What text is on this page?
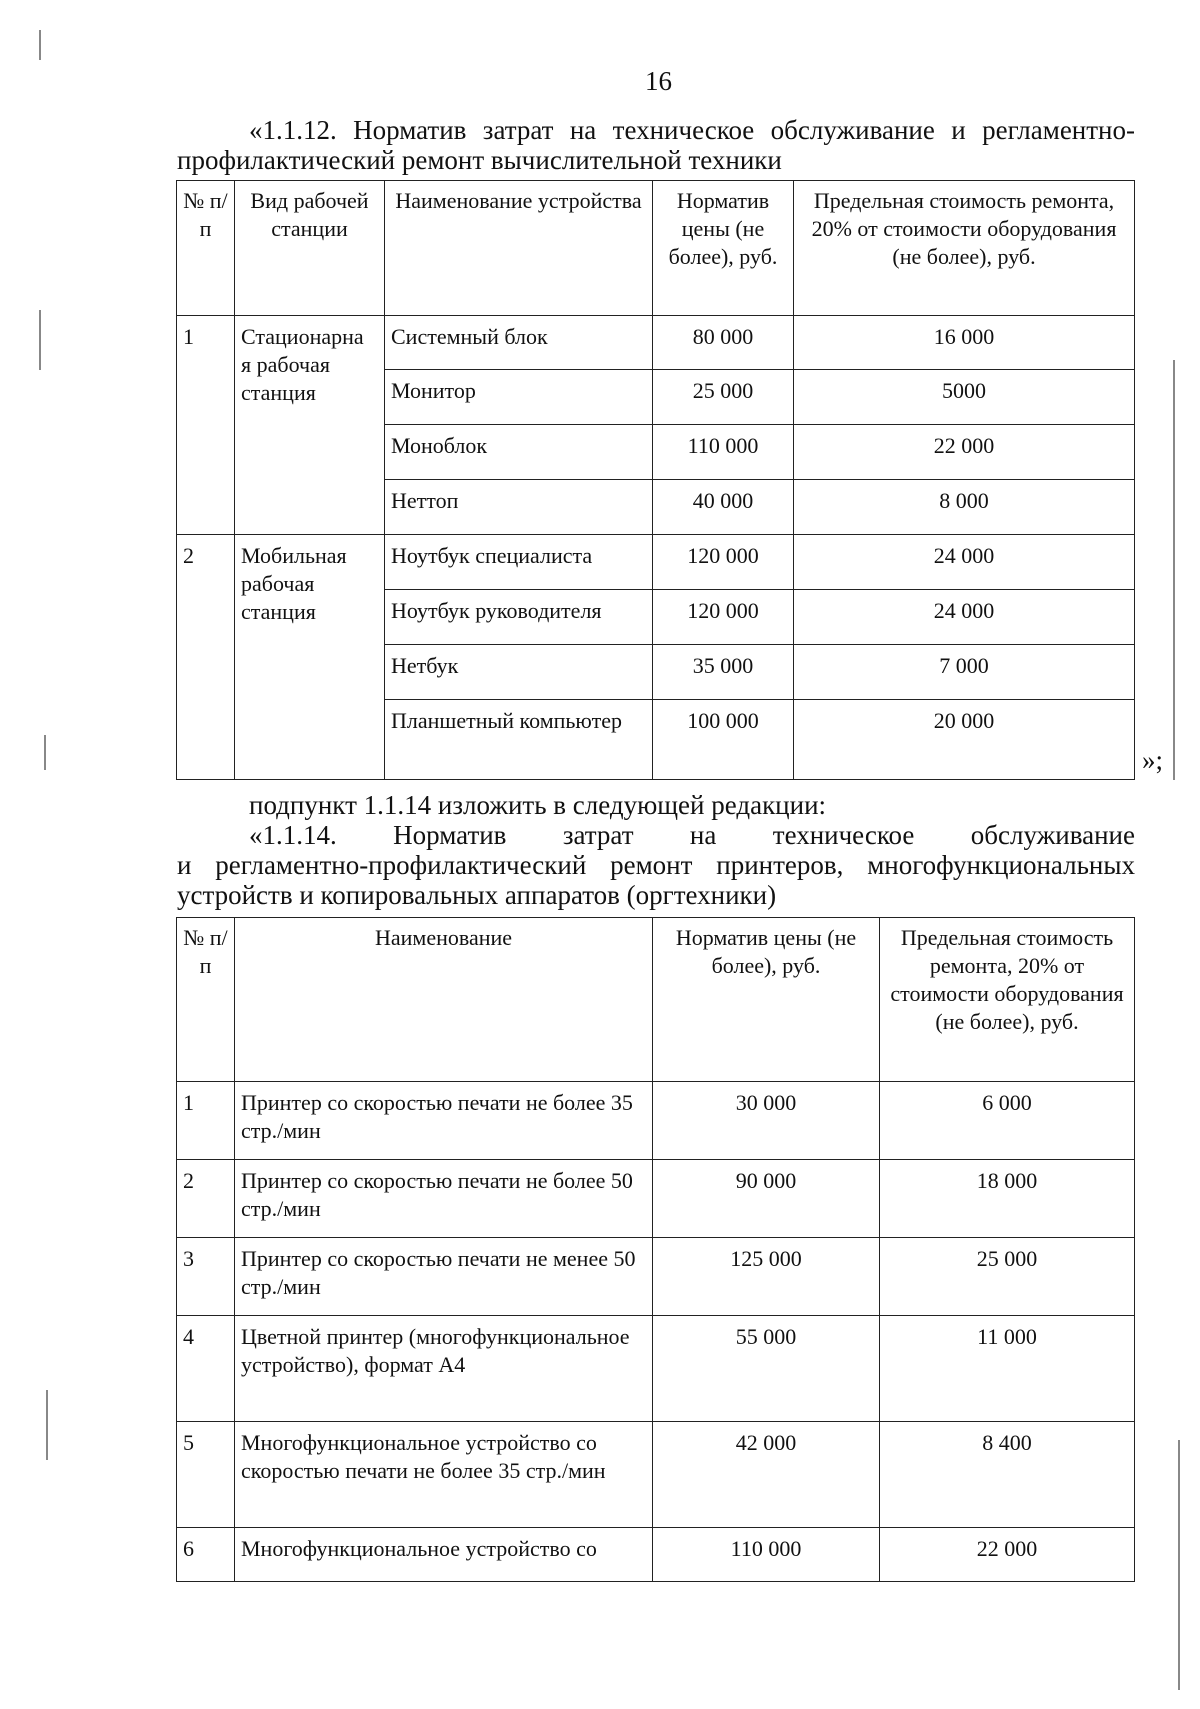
16
«1.1.12. Норматив затрат на техническое обслуживание и регламентно-
профилактический ремонт вычислительной техники
№ п/п	Вид рабочей станции	Наименование устройства	Норматив цены (не более), руб.	Предельная стоимость ремонта, 20% от стоимости оборудования (не более), руб.
1	Стационарна я рабочая станция	Системный блок	80 000	16 000
		Монитор	25 000	5000
		Моноблок	110 000	22 000
		Неттоп	40 000	8 000
2	Мобильная рабочая станция	Ноутбук специалиста	120 000	24 000
		Ноутбук руководителя	120 000	24 000
		Нетбук	35 000	7 000
		Планшетный компьютер	100 000	20 000
»;
подпункт 1.1.14 изложить в следующей редакции:
«1.1.14. Норматив затрат на техническое обслуживание
и регламентно-профилактический ремонт принтеров, многофункциональных
устройств и копировальных аппаратов (оргтехники)
№ п/п	Наименование	Норматив цены (не более), руб.	Предельная стоимость ремонта, 20% от стоимости оборудования (не более), руб.
1	Принтер со скоростью печати не более 35 стр./мин	30 000	6 000
2	Принтер со скоростью печати не более 50 стр./мин	90 000	18 000
3	Принтер со скоростью печати не менее 50 стр./мин	125 000	25 000
4	Цветной принтер (многофункциональное устройство), формат А4	55 000	11 000
5	Многофункциональное устройство со скоростью печати не более 35 стр./мин	42 000	8 400
6	Многофункциональное устройство со	110 000	22 000
